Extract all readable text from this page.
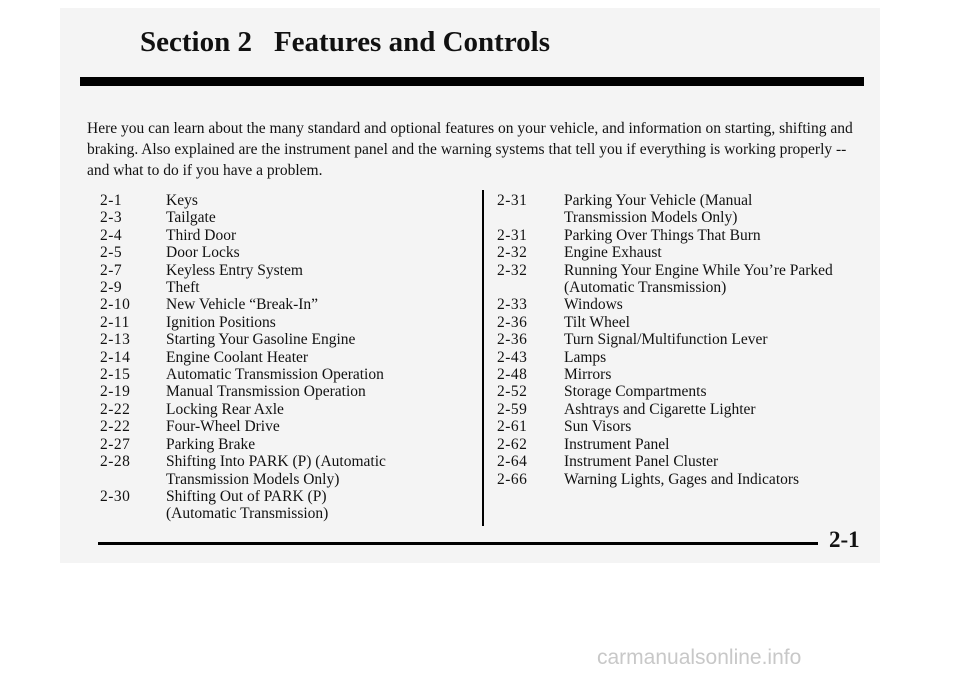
Section 2 Features and Controls

Here you can learn about the many standard and optional features on your vehicle, and information on starting, shifting and braking. Also explained are the instrument panel and the warning systems that tell you if everything is working properly -- and what to do if you have a problem.

2-1	Keys
2-3	Tailgate
2-4	Third Door
2-5	Door Locks
2-7	Keyless Entry System
2-9	Theft
2-10	New Vehicle “Break-In”
2-11	Ignition Positions
2-13	Starting Your Gasoline Engine
2-14	Engine Coolant Heater
2-15	Automatic Transmission Operation
2-19	Manual Transmission Operation
2-22	Locking Rear Axle
2-22	Four-Wheel Drive
2-27	Parking Brake
2-28	Shifting Into PARK (P) (Automatic
Transmission Models Only)
2-30	Shifting Out of PARK (P)
(Automatic Transmission)
2-31	Parking Your Vehicle (Manual
Transmission Models Only)
2-31	Parking Over Things That Burn
2-32	Engine Exhaust
2-32	Running Your Engine While You’re Parked
(Automatic Transmission)
2-33	Windows
2-36	Tilt Wheel
2-36	Turn Signal/Multifunction Lever
2-43	Lamps
2-48	Mirrors
2-52	Storage Compartments
2-59	Ashtrays and Cigarette Lighter
2-61	Sun Visors
2-62	Instrument Panel
2-64	Instrument Panel Cluster
2-66	Warning Lights, Gages and Indicators
2-1
carmanualsonline.info
